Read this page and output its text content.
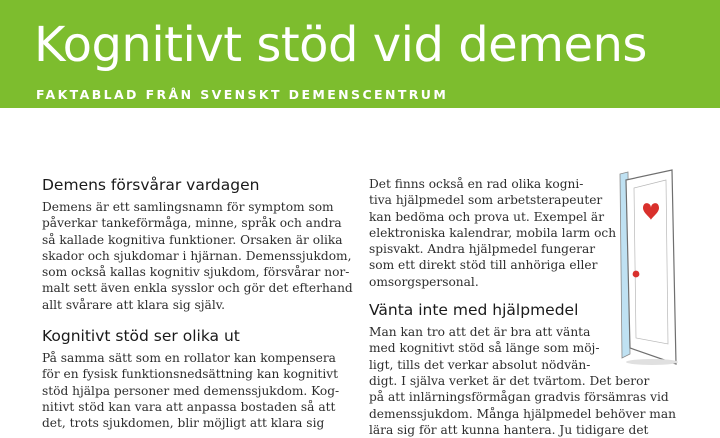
Kognitivt stöd vid demens
FAKTABLAD FRÅN SVENSKT DEMENSCENTRUM
Demens försvårar vardagen

Demens är ett samlingsnamn för symptom som
påverkar tankeförmåga, minne, språk och andra
så kallade kognitiva funktioner. Orsaken är olika
skador och sjukdomar i hjärnan. Demenssjukdom,
som också kallas kognitiv sjukdom, försvårar nor-
malt sett även enkla sysslor och gör det efterhand
allt svårare att klara sig själv.

Kognitivt stöd ser olika ut

På samma sätt som en rollator kan kompensera
för en fysisk funktionsnedsättning kan kognitivt
stöd hjälpa personer med demenssjukdom. Kog-
nitivt stöd kan vara att anpassa bostaden så att
det, trots sjukdomen, blir möjligt att klara sig

Det finns också en rad olika kogni-
tiva hjälpmedel som arbetsterapeuter
kan bedöma och prova ut. Exempel är
elektroniska kalendrar, mobila larm och
spisvakt. Andra hjälpmedel fungerar
som ett direkt stöd till anhöriga eller
omsorgspersonal.

Vänta inte med hjälpmedel

Man kan tro att det är bra att vänta
med kognitivt stöd så länge som möj-
ligt, tills det verkar absolut nödvän-
digt. I själva verket är det tvärtom. Det beror
på att inlärningsförmågan gradvis försämras vid
demenssjukdom. Många hjälpmedel behöver man
lära sig för att kunna hantera. Ju tidigare det
